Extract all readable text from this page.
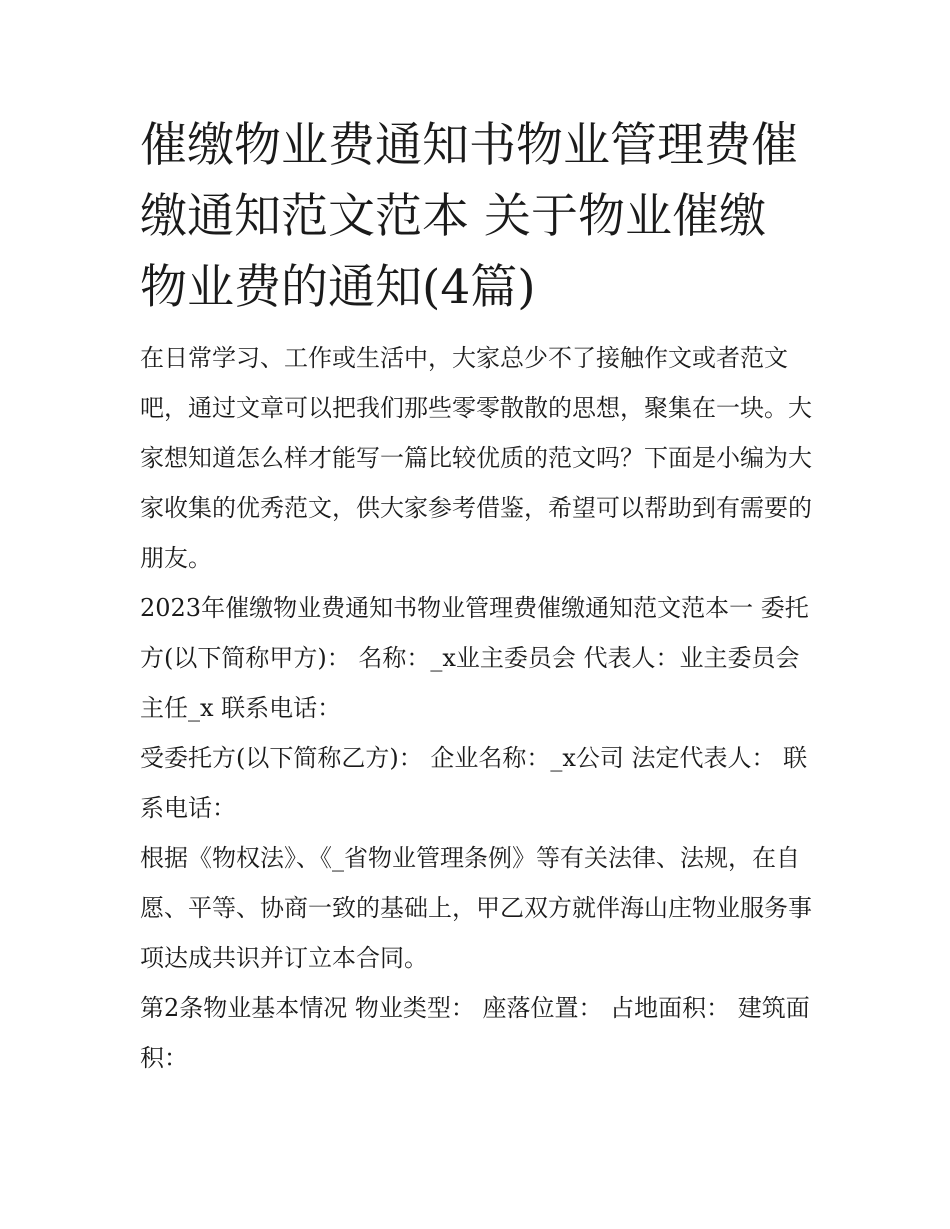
催缴物业费通知书物业管理费催缴通知范文范本 关于物业催缴物业费的通知(4篇)

在日常学习、工作或生活中，大家总少不了接触作文或者范文吧，通过文章可以把我们那些零零散散的思想，聚集在一块。大家想知道怎么样才能写一篇比较优质的范文吗？下面是小编为大家收集的优秀范文，供大家参考借鉴，希望可以帮助到有需要的朋友。

2023年催缴物业费通知书物业管理费催缴通知范文范本一 委托方(以下简称甲方)： 名称：_x业主委员会 代表人：业主委员会主任_x 联系电话：

受委托方(以下简称乙方)： 企业名称：_x公司 法定代表人： 联系电话：

根据《物权法》、《_省物业管理条例》等有关法律、法规，在自愿、平等、协商一致的基础上，甲乙双方就伴海山庄物业服务事项达成共识并订立本合同。

第2条物业基本情况 物业类型： 座落位置： 占地面积： 建筑面积：
